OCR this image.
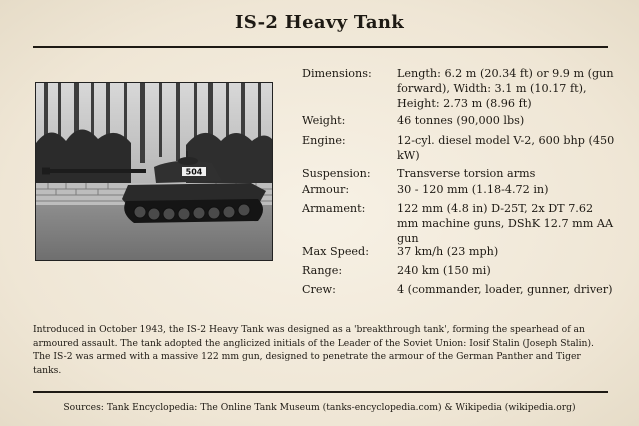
IS-2 Heavy Tank
504
Dimensions:	Length: 6.2 m (20.34 ft) or 9.9 m (gun forward), Width: 3.1 m (10.17 ft), Height: 2.73 m (8.96 ft)
Weight:	46 tonnes (90,000 lbs)
Engine:	12-cyl. diesel model V-2, 600 bhp (450 kW)
Suspension:	Transverse torsion arms
Armour:	30 - 120 mm (1.18-4.72 in)
Armament:	122 mm (4.8 in) D-25T, 2x DT 7.62 mm machine guns, DShK 12.7 mm AA gun
Max Speed:	37 km/h (23 mph)
Range:	240 km (150 mi)
Crew:	4 (commander, loader, gunner, driver)
Introduced in October 1943, the IS-2 Heavy Tank was designed as a 'breakthrough tank', forming the spearhead of an armoured assault. The tank adopted the anglicized initials of the Leader of the Soviet Union: Iosif Stalin (Joseph Stalin). The IS-2 was armed with a massive 122 mm gun, designed to penetrate the armour of the German Panther and Tiger tanks.
Sources: Tank Encyclopedia: The Online Tank Museum (tanks-encyclopedia.com) & Wikipedia (wikipedia.org)
